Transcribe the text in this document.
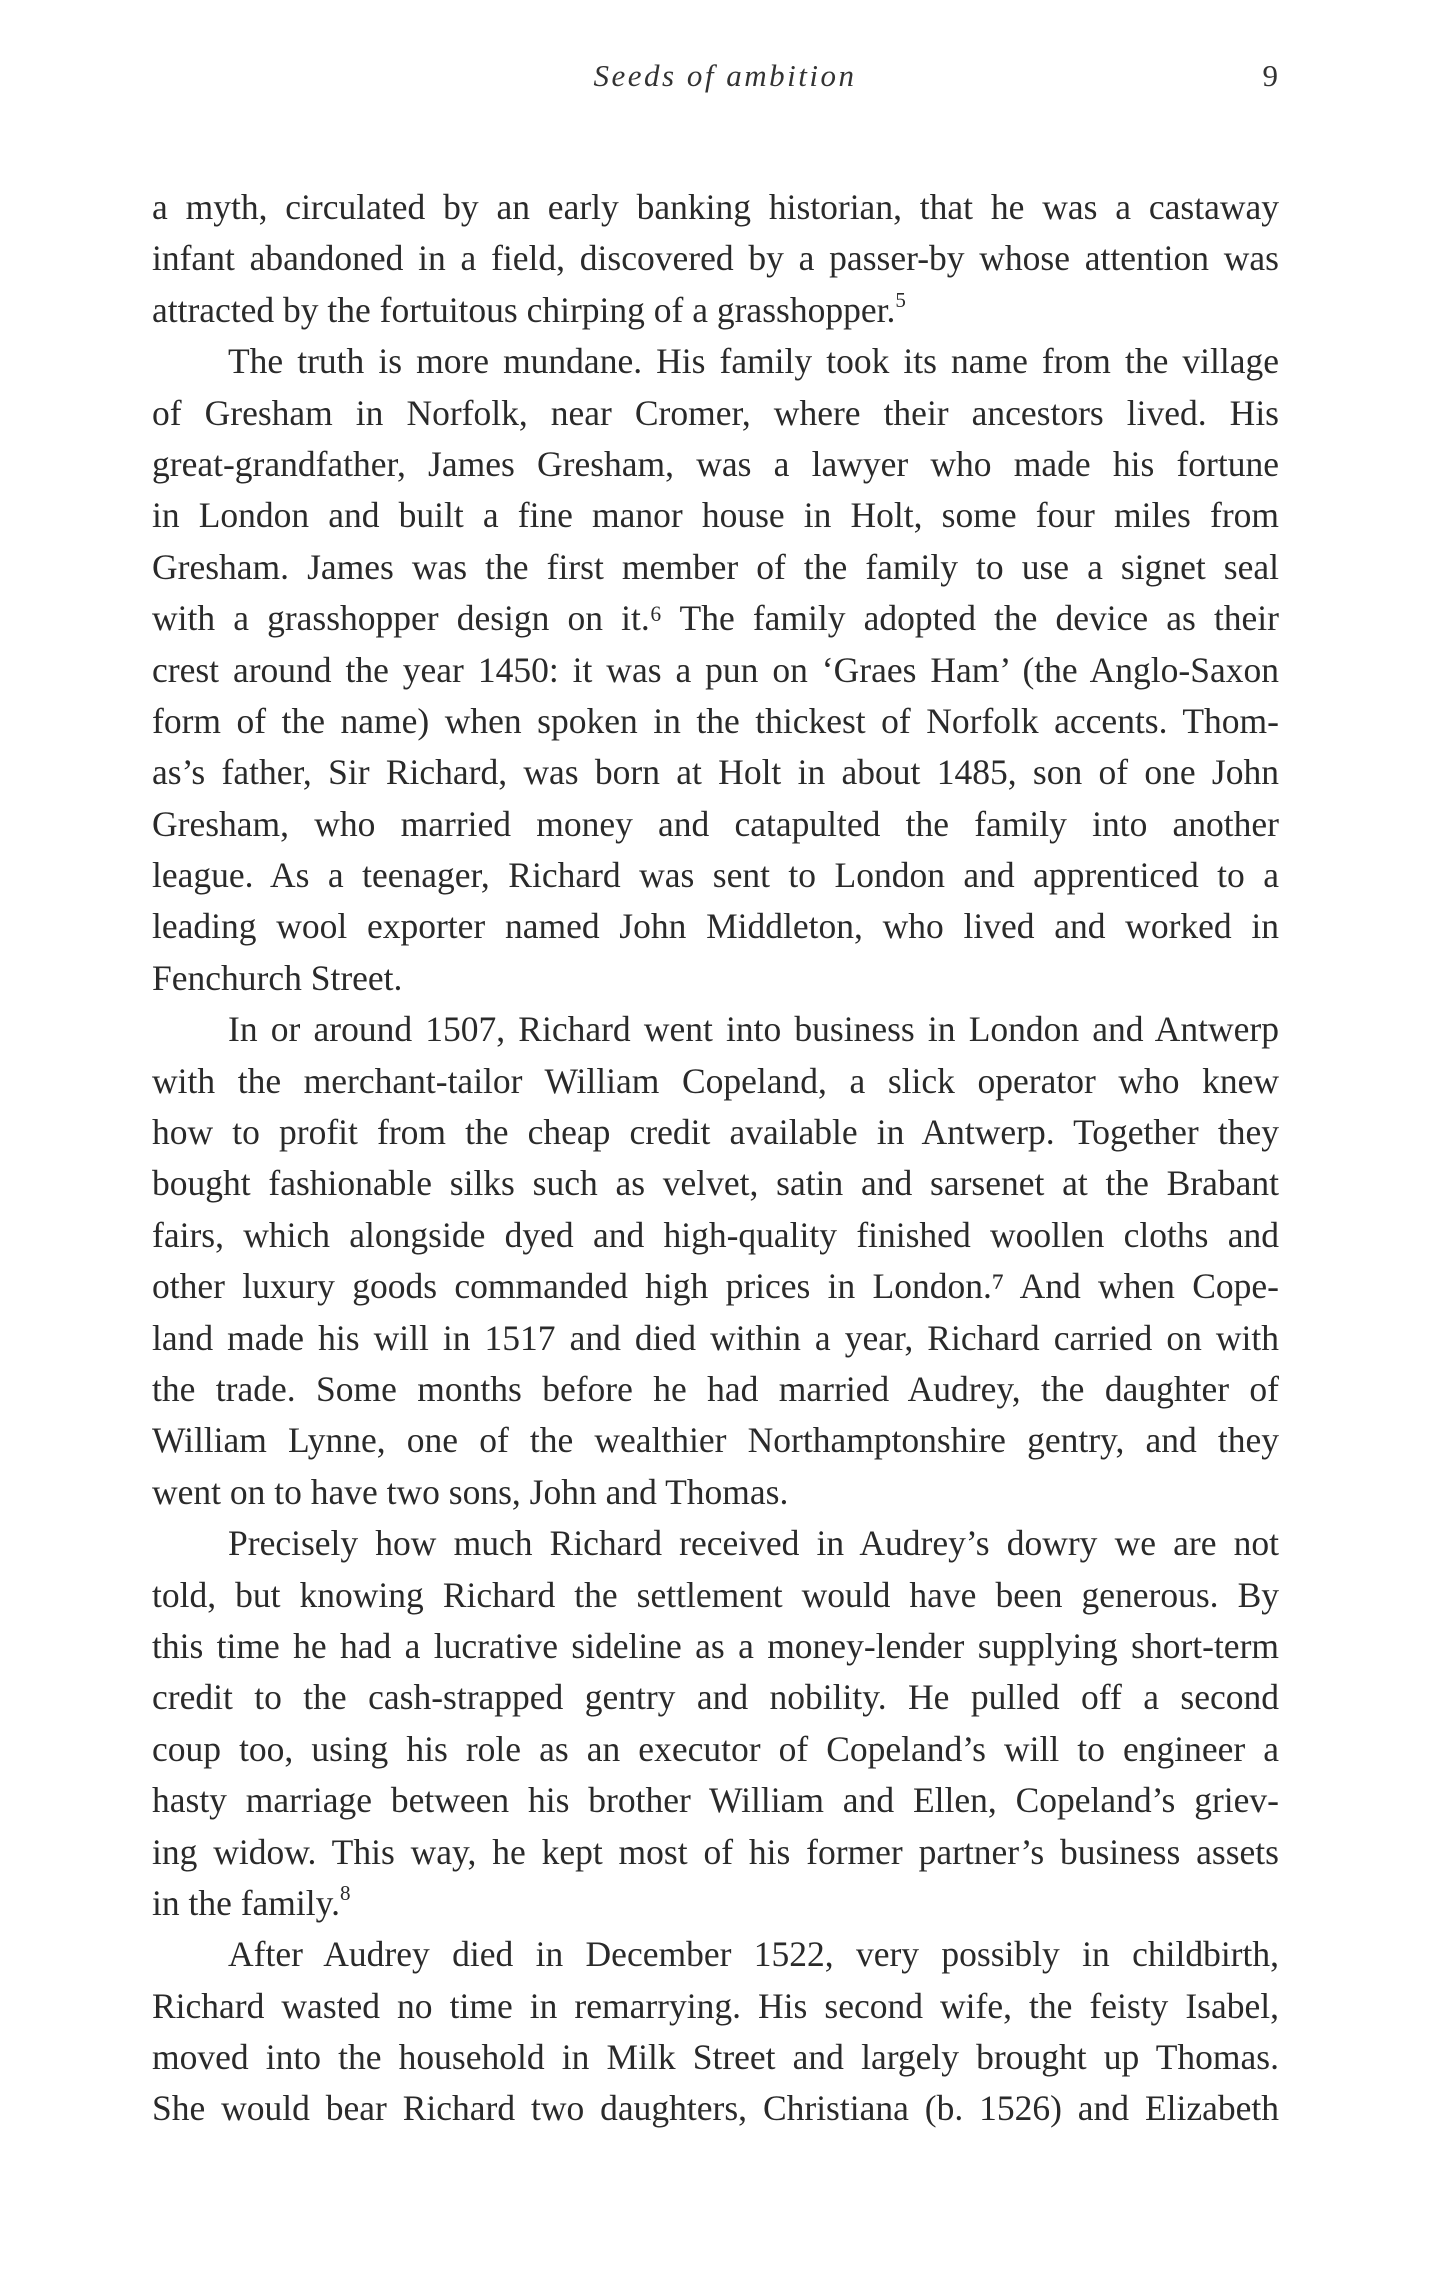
Seeds of ambition	9
a myth, circulated by an early banking historian, that he was a castaway
infant abandoned in a field, discovered by a passer-by whose attention was
attracted by the fortuitous chirping of a grasshopper.$^5$
The truth is more mundane. His family took its name from the village
of Gresham in Norfolk, near Cromer, where their ancestors lived. His
great-grandfather, James Gresham, was a lawyer who made his fortune
in London and built a fine manor house in Holt, some four miles from
Gresham. James was the first member of the family to use a signet seal
with a grasshopper design on it.⁶ The family adopted the device as their
crest around the year 1450: it was a pun on ‘Graes Ham’ (the Anglo-Saxon
form of the name) when spoken in the thickest of Norfolk accents. Thom-
as’s father, Sir Richard, was born at Holt in about 1485, son of one John
Gresham, who married money and catapulted the family into another
league. As a teenager, Richard was sent to London and apprenticed to a
leading wool exporter named John Middleton, who lived and worked in
Fenchurch Street.
In or around 1507, Richard went into business in London and Antwerp
with the merchant-tailor William Copeland, a slick operator who knew
how to profit from the cheap credit available in Antwerp. Together they
bought fashionable silks such as velvet, satin and sarsenet at the Brabant
fairs, which alongside dyed and high-quality finished woollen cloths and
other luxury goods commanded high prices in London.⁷ And when Cope-
land made his will in 1517 and died within a year, Richard carried on with
the trade. Some months before he had married Audrey, the daughter of
William Lynne, one of the wealthier Northamptonshire gentry, and they
went on to have two sons, John and Thomas.
Precisely how much Richard received in Audrey’s dowry we are not
told, but knowing Richard the settlement would have been generous. By
this time he had a lucrative sideline as a money-lender supplying short-term
credit to the cash-strapped gentry and nobility. He pulled off a second
coup too, using his role as an executor of Copeland’s will to engineer a
hasty marriage between his brother William and Ellen, Copeland’s griev-
ing widow. This way, he kept most of his former partner’s business assets
in the family.$^8$
After Audrey died in December 1522, very possibly in childbirth,
Richard wasted no time in remarrying. His second wife, the feisty Isabel,
moved into the household in Milk Street and largely brought up Thomas.
She would bear Richard two daughters, Christiana (b. 1526) and Elizabeth
